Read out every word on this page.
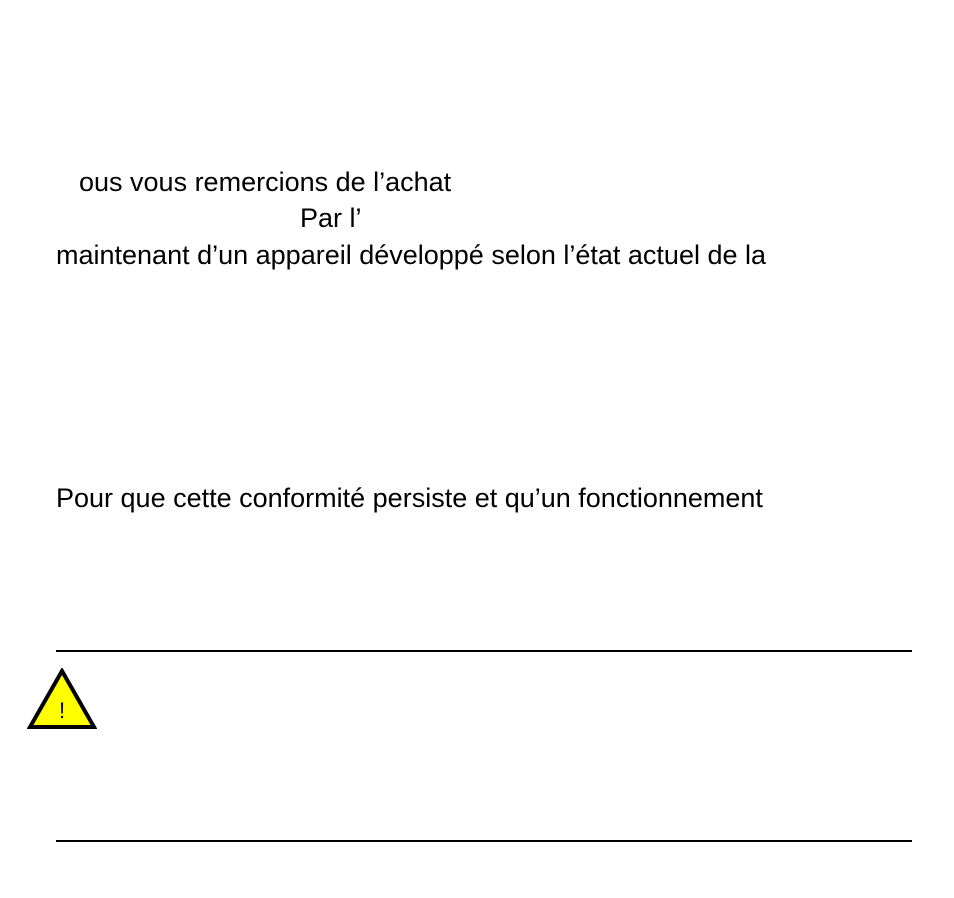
ous vous remercions de l’achat
Par l’
maintenant d’un appareil développé selon l’état actuel de la
Pour que cette conformité persiste et qu’un fonctionnement
!
